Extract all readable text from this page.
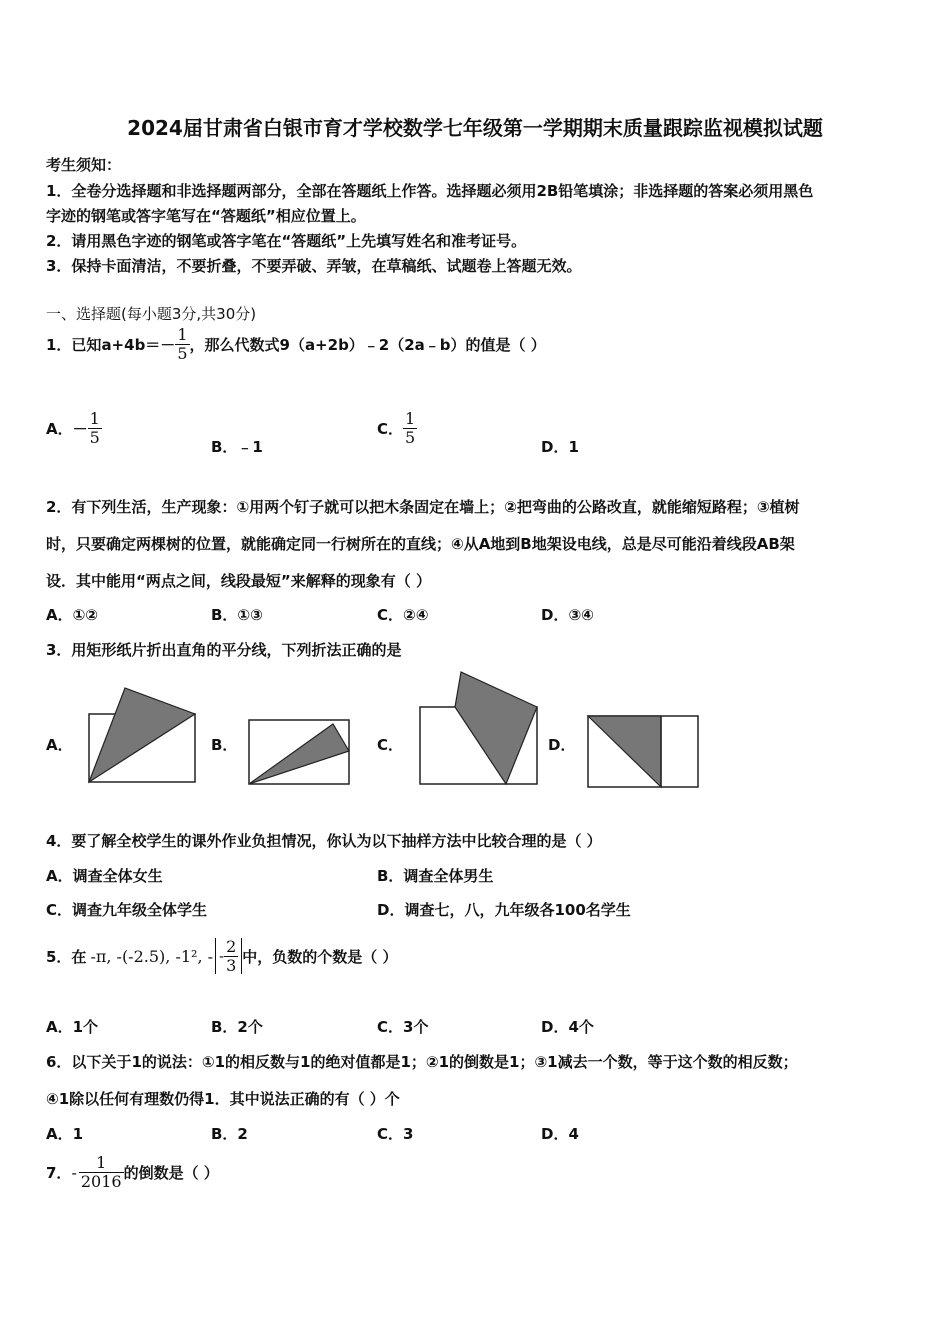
2024届甘肃省白银市育才学校数学七年级第一学期期末质量跟踪监视模拟试题
考生须知：
1．全卷分选择题和非选择题两部分，全部在答题纸上作答。选择题必须用2B铅笔填涂；非选择题的答案必须用黑色
字迹的钢笔或答字笔写在“答题纸”相应位置上。
2．请用黑色字迹的钢笔或答字笔在“答题纸”上先填写姓名和准考证号。
3．保持卡面清洁，不要折叠，不要弄破、弄皱，在草稿纸、试题卷上答题无效。
一、选择题(每小题3分,共30分)
1．已知 $a+4b=- \frac{1}{5}$ ，那么代数式9（a+2b）﹣2（2a﹣b）的值是（ ）
A． － $\frac{1}{5}$
B．﹣1
C． $\frac{1}{5}$
D．1
2．有下列生活，生产现象：①用两个钉子就可以把木条固定在墙上；②把弯曲的公路改直，就能缩短路程；③植树
时，只要确定两棵树的位置，就能确定同一行树所在的直线；④从A地到B地架设电线，总是尽可能沿着线段AB架
设．其中能用“两点之间，线段最短”来解释的现象有（ ）
A．①②	B．①③	C．②④	D．③④
3．用矩形纸片折出直角的平分线，下列折法正确的是
A．	B．	C．	D．
4．要了解全校学生的课外作业负担情况，你认为以下抽样方法中比较合理的是（ ）
A．调查全体女生	B．调查全体男生
C．调查九年级全体学生	D．调查七，八，九年级各100名学生
5．在 -π, -(-2.5), -1², - - $\frac{2}{3}$ 中，负数的个数是（ ）
A．1个	B．2个	C．3个	D．4个
6．以下关于1的说法：①1的相反数与1的绝对值都是1；②1的倒数是1；③1减去一个数，等于这个数的相反数；
④1除以任何有理数仍得1．其中说法正确的有（ ）个
A．1	B．2	C．3	D．4
7． - $\frac{1}{2016}$ 的倒数是（ ）
